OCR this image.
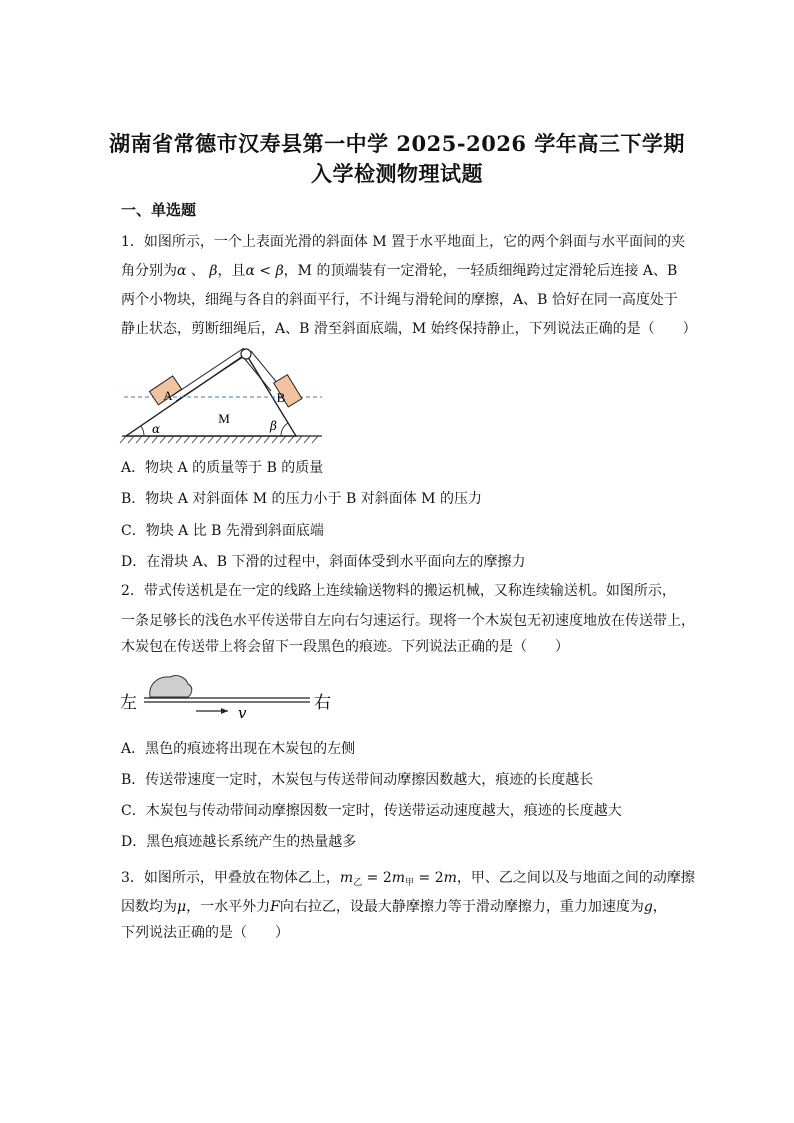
湖南省常德市汉寿县第一中学 2025-2026 学年高三下学期
入学检测物理试题
一、单选题
1．如图所示，一个上表面光滑的斜面体 M 置于水平地面上，它的两个斜面与水平面间的夹
角分别为α 、 β，且α < β，M 的顶端装有一定滑轮，一轻质细绳跨过定滑轮后连接 A、B
两个小物块，细绳与各自的斜面平行，不计绳与滑轮间的摩擦，A、B 恰好在同一高度处于
静止状态，剪断细绳后，A、B 滑至斜面底端，M 始终保持静止，下列说法正确的是（　　）
A	B
M
α	β
A．物块 A 的质量等于 B 的质量
B．物块 A 对斜面体 M 的压力小于 B 对斜面体 M 的压力
C．物块 A 比 B 先滑到斜面底端
D．在滑块 A、B 下滑的过程中，斜面体受到水平面向左的摩擦力
2．带式传送机是在一定的线路上连续输送物料的搬运机械，又称连续输送机。如图所示，
一条足够长的浅色水平传送带自左向右匀速运行。现将一个木炭包无初速度地放在传送带上，
木炭包在传送带上将会留下一段黑色的痕迹。下列说法正确的是（　　）
左	右
v
A．黑色的痕迹将出现在木炭包的左侧
B．传送带速度一定时，木炭包与传送带间动摩擦因数越大，痕迹的长度越长
C．木炭包与传动带间动摩擦因数一定时，传送带运动速度越大，痕迹的长度越大
D．黑色痕迹越长系统产生的热量越多
3．如图所示，甲叠放在物体乙上，$m_乙 = 2m_甲 = 2m$，甲、乙之间以及与地面之间的动摩擦
因数均为μ，一水平外力F向右拉乙，设最大静摩擦力等于滑动摩擦力，重力加速度为g，
下列说法正确的是（　　）
